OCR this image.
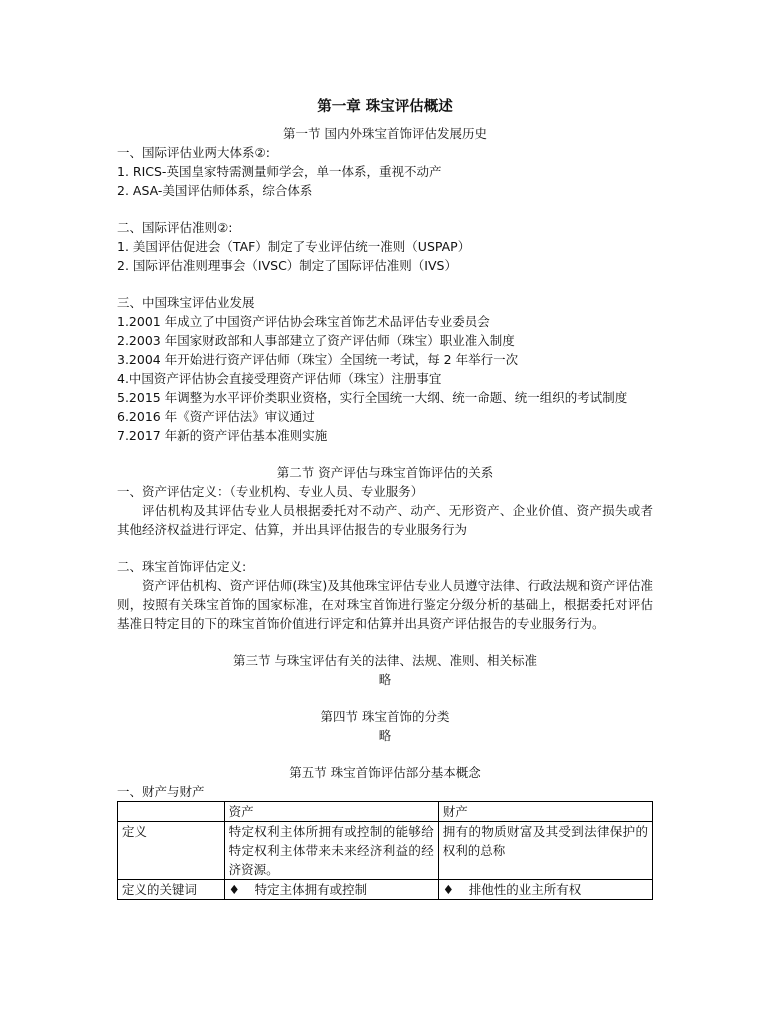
第一章 珠宝评估概述

第一节 国内外珠宝首饰评估发展历史

一、国际评估业两大体系②:

1. RICS-英国皇家特需测量师学会，单一体系，重视不动产

2. ASA-美国评估师体系，综合体系

二、国际评估准则②:

1. 美国评估促进会（TAF）制定了专业评估统一准则（USPAP）

2. 国际评估准则理事会（IVSC）制定了国际评估准则（IVS）

三、中国珠宝评估业发展

1.2001 年成立了中国资产评估协会珠宝首饰艺术品评估专业委员会

2.2003 年国家财政部和人事部建立了资产评估师（珠宝）职业准入制度

3.2004 年开始进行资产评估师（珠宝）全国统一考试，每 2 年举行一次

4.中国资产评估协会直接受理资产评估师（珠宝）注册事宜

5.2015 年调整为水平评价类职业资格，实行全国统一大纲、统一命题、统一组织的考试制度

6.2016 年《资产评估法》审议通过

7.2017 年新的资产评估基本准则实施

第二节 资产评估与珠宝首饰评估的关系

一、资产评估定义：（专业机构、专业人员、专业服务）

评估机构及其评估专业人员根据委托对不动产、动产、无形资产、企业价值、资产损失或者其他经济权益进行评定、估算，并出具评估报告的专业服务行为

二、珠宝首饰评估定义:

资产评估机构、资产评估师(珠宝)及其他珠宝评估专业人员遵守法律、行政法规和资产评估准则，按照有关珠宝首饰的国家标准，在对珠宝首饰进行鉴定分级分析的基础上，根据委托对评估基准日特定目的下的珠宝首饰价值进行评定和估算并出具资产评估报告的专业服务行为。

第三节 与珠宝评估有关的法律、法规、准则、相关标准

略

第四节 珠宝首饰的分类

略

第五节 珠宝首饰评估部分基本概念

一、财产与财产

	资产	财产
定义	特定权利主体所拥有或控制的能够给特定权利主体带来未来经济利益的经济资源。	拥有的物质财富及其受到法律保护的权利的总称
定义的关键词	♦ 特定主体拥有或控制	♦ 排他性的业主所有权
